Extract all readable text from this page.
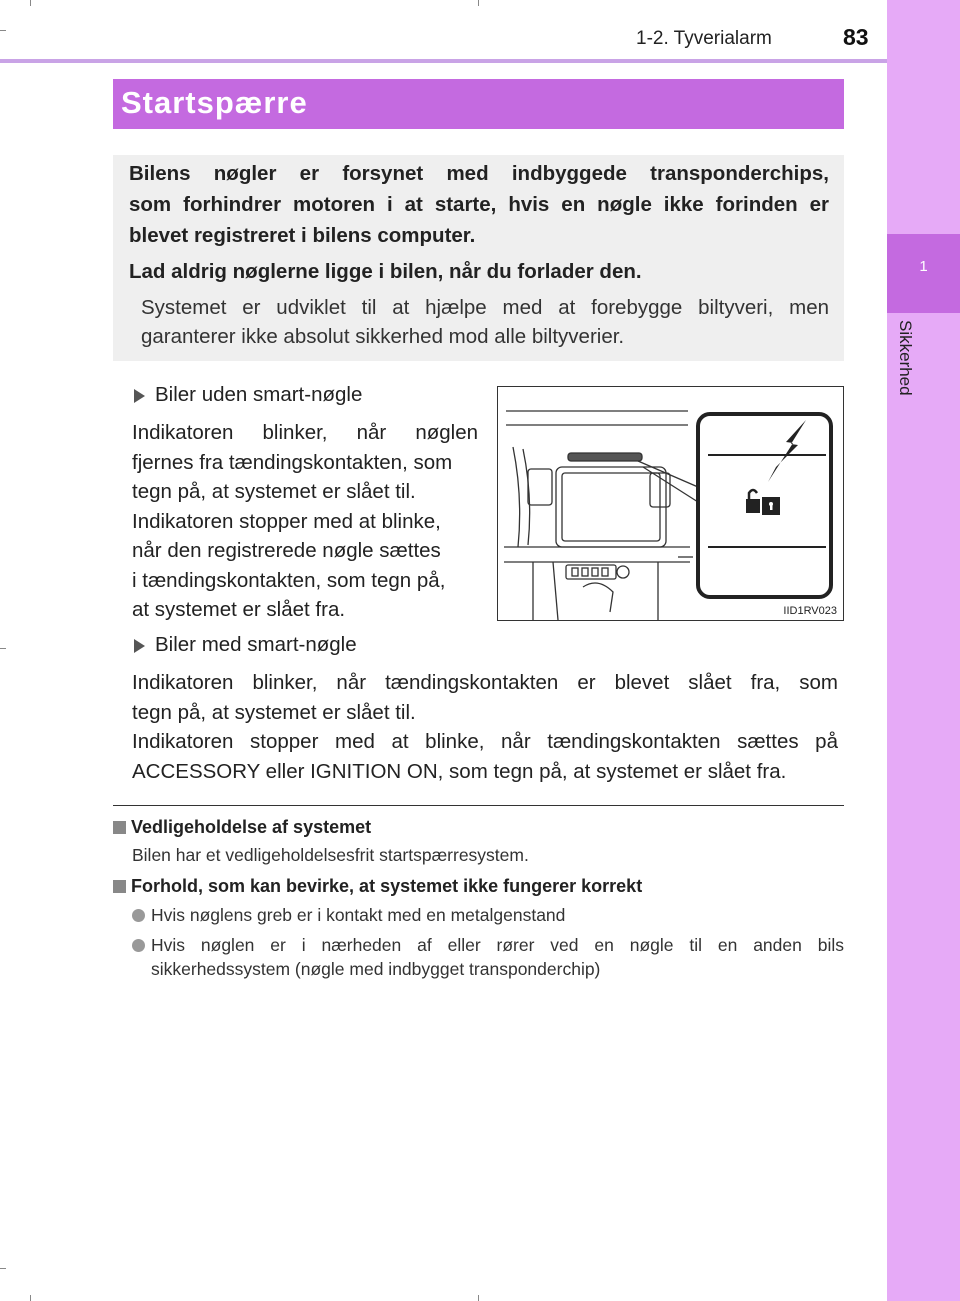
1-2. Tyverialarm	83
1
Sikkerhed
Startspærre
Bilens nøgler er forsynet med indbyggede transponderchips,
som forhindrer motoren i at starte, hvis en nøgle ikke forinden er
blevet registreret i bilens computer.
Lad aldrig nøglerne ligge i bilen, når du forlader den.
Systemet er udviklet til at hjælpe med at forebygge biltyveri, men
garanterer ikke absolut sikkerhed mod alle biltyverier.
Biler uden smart-nøgle
Indikatoren blinker, når nøglen
fjernes fra tændingskontakten, som
tegn på, at systemet er slået til.
Indikatoren stopper med at blinke,
når den registrerede nøgle sættes
i tændingskontakten, som tegn på,
at systemet er slået fra.	IID1RV023
Biler med smart-nøgle
Indikatoren blinker, når tændingskontakten er blevet slået fra, som
tegn på, at systemet er slået til.
Indikatoren stopper med at blinke, når tændingskontakten sættes på
ACCESSORY eller IGNITION ON, som tegn på, at systemet er slået fra.
Vedligeholdelse af systemet
Bilen har et vedligeholdelsesfrit startspærresystem.
Forhold, som kan bevirke, at systemet ikke fungerer korrekt
Hvis nøglens greb er i kontakt med en metalgenstand
Hvis nøglen er i nærheden af eller rører ved en nøgle til en anden bils
sikkerhedssystem (nøgle med indbygget transponderchip)
